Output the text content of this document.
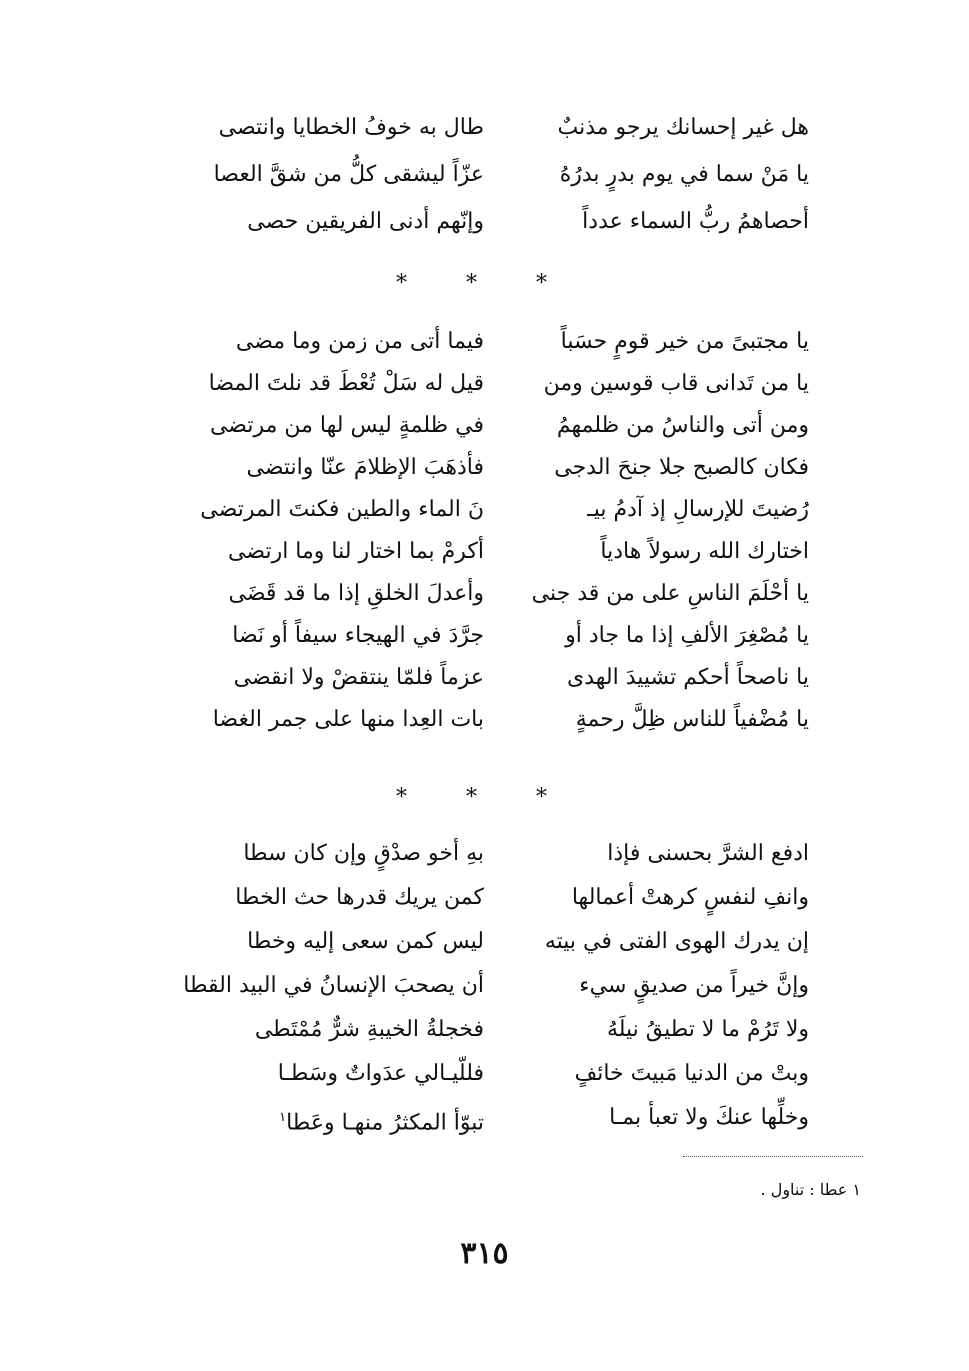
هل غير إحسانك يرجو مذنبٌ
طال به خوفُ الخطايا وانتصى
يا مَنْ سما في يوم بدرٍ بدرُهُ
عزّاً ليشقى كلُّ من شقَّ العصا
أحصاهمُ ربُّ السماء عدداً
وإنّهم أدنى الفريقين حصى
* * *
يا مجتبىً من خير قومٍ حسَباً
فيما أتى من زمن وما مضى
يا من تَدانى قاب قوسين ومن
قيل له سَلْ تُعْطَ قد نلتَ المضا
ومن أتى والناسُ من ظلمهمُ
في ظلمةٍ ليس لها من مرتضى
فكان كالصبح جلا جنحَ الدجى
فأذهَبَ الإظلامَ عنّا وانتضى
رُضيتَ للإرسالِ إذ آدمُ بيـ
نَ الماء والطين فكنتَ المرتضى
اختارك الله رسولاً هادياً
أكرمْ بما اختار لنا وما ارتضى
يا أحْلَمَ الناسِ على من قد جنى
وأعدلَ الخلقِ إذا ما قد قَضَى
يا مُصْغِرَ الألفِ إذا ما جاد أو
جرَّدَ في الهيجاء سيفاً أو نَضا
يا ناصحاً أحكم تشييدَ الهدى
عزماً فلمّا ينتقضْ ولا انقضى
يا مُضْفياً للناس ظِلَّ رحمةٍ
بات العِدا منها على جمر الغضا
* * *
ادفع الشرَّ بحسنى فإذا
بهِ أخو صدْقٍ وإن كان سطا
وانفِ لنفسٍ كرهتْ أعمالها
كمن يريك قدرها حث الخطا
إن يدرك الهوى الفتى في بيته
ليس كمن سعى إليه وخطا
وإنَّ خيراً من صديقٍ سيء
أن يصحبَ الإنسانُ في البيد القطا
ولا تَرُمْ ما لا تطيقُ نيلَهُ
فخجلةُ الخيبةِ شرٌّ مُمْتَطى
وبتْ من الدنيا مَبيتَ خائفٍ
فللّيـالي عدَواتٌ وسَطـا
وخلِّها عنكَ ولا تعبأ بمـا
تبوّأ المكثرُ منهـا وعَطا$^١$
١ عطا : تناول .
٣١٥
